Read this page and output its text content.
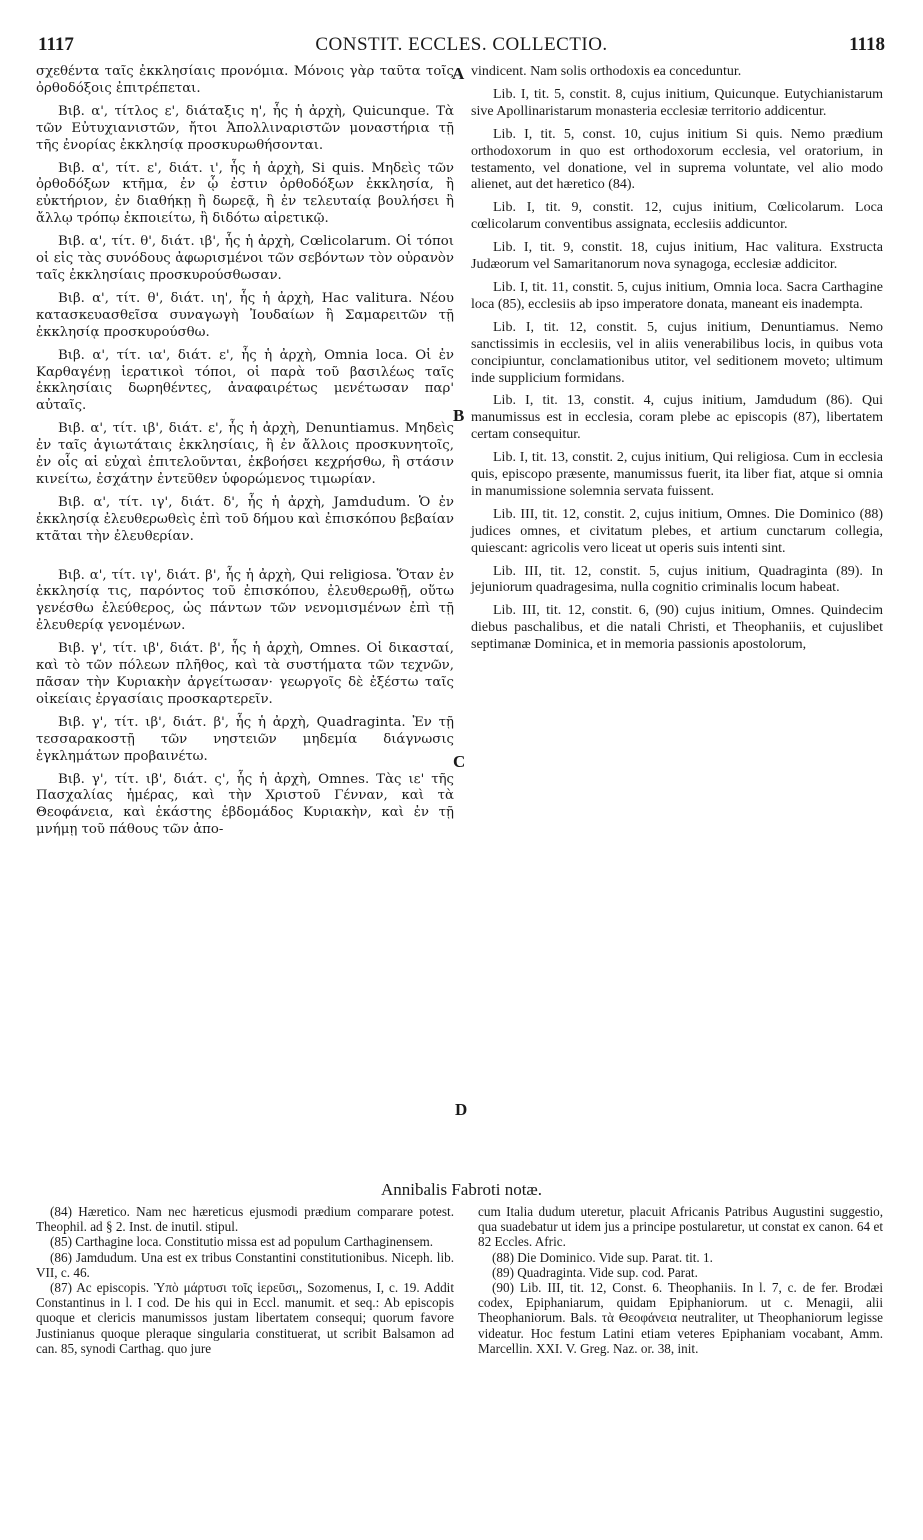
1117	CONSTIT. ECCLES. COLLECTIO.	1118
A
B
C
D

σχεθέντα ταῖς ἐκκλησίαις προνόμια. Μόνοις γὰρ ταῦτα τοῖς ὀρθοδόξοις ἐπιτρέπεται.

Βιβ. α', τίτλος ε', διάταξις η', ἧς ἡ ἀρχὴ, Quicunque. Τὰ τῶν Εὐτυχιανιστῶν, ἤτοι Ἀπολλιναριστῶν μοναστήρια τῇ τῆς ἐνορίας ἐκκλησίᾳ προσκυρωθήσονται.

Βιβ. α', τίτ. ε', διάτ. ι', ἧς ἡ ἀρχὴ, Si quis. Μηδεὶς τῶν ὀρθοδόξων κτῆμα, ἐν ᾧ ἐστιν ὀρθοδόξων ἐκκλησία, ἢ εὐκτήριον, ἐν διαθήκῃ ἢ δωρεᾷ, ἢ ἐν τελευταίᾳ βουλήσει ἢ ἄλλῳ τρόπῳ ἐκποιείτω, ἢ διδότω αἱρετικῷ.

Βιβ. α', τίτ. θ', διάτ. ιβ', ἧς ἡ ἀρχὴ, Cœlicolarum. Οἱ τόποι οἱ εἰς τὰς συνόδους ἀφωρισμένοι τῶν σεβόντων τὸν οὐρανὸν ταῖς ἐκκλησίαις προσκυρούσθωσαν.

Βιβ. α', τίτ. θ', διάτ. ιη', ἧς ἡ ἀρχὴ, Hac valitura. Νέου κατασκευασθεῖσα συναγωγὴ Ἰουδαίων ἢ Σαμαρειτῶν τῇ ἐκκλησίᾳ προσκυρούσθω.

Βιβ. α', τίτ. ια', διάτ. ε', ἧς ἡ ἀρχὴ, Omnia loca. Οἱ ἐν Καρθαγένῃ ἱερατικοὶ τόποι, οἱ παρὰ τοῦ βασιλέως ταῖς ἐκκλησίαις δωρηθέντες, ἀναφαιρέτως μενέτωσαν παρ' αὐταῖς.

Βιβ. α', τίτ. ιβ', διάτ. ε', ἧς ἡ ἀρχὴ, Denuntiamus. Μηδεὶς ἐν ταῖς ἁγιωτάταις ἐκκλησίαις, ἢ ἐν ἄλλοις προσκυνητοῖς, ἐν οἷς αἱ εὐχαὶ ἐπιτελοῦνται, ἐκβοήσει κεχρήσθω, ἢ στάσιν κινείτω, ἐσχάτην ἐντεῦθεν ὑφορώμενος τιμωρίαν.

Βιβ. α', τίτ. ιγ', διάτ. δ', ἧς ἡ ἀρχὴ, Jamdudum. Ὁ ἐν ἐκκλησίᾳ ἐλευθερωθεὶς ἐπὶ τοῦ δήμου καὶ ἐπισκόπου βεβαίαν κτᾶται τὴν ἐλευθερίαν.

Βιβ. α', τίτ. ιγ', διάτ. β', ἧς ἡ ἀρχὴ, Qui religiosa. Ὅταν ἐν ἐκκλησίᾳ τις, παρόντος τοῦ ἐπισκόπου, ἐλευθερωθῇ, οὕτω γενέσθω ἐλεύθερος, ὡς πάντων τῶν νενομισμένων ἐπὶ τῇ ἐλευθερίᾳ γενομένων.

Βιβ. γ', τίτ. ιβ', διάτ. β', ἧς ἡ ἀρχὴ, Omnes. Οἱ δικασταί, καὶ τὸ τῶν πόλεων πλῆθος, καὶ τὰ συστήματα τῶν τεχνῶν, πᾶσαν τὴν Κυριακὴν ἀργείτωσαν· γεωργοῖς δὲ ἐξέστω ταῖς οἰκείαις ἐργασίαις προσκαρτερεῖν.

Βιβ. γ', τίτ. ιβ', διάτ. β', ἧς ἡ ἀρχὴ, Quadraginta. Ἐν τῇ τεσσαρακοστῇ τῶν νηστειῶν μηδεμία διάγνωσις ἐγκλημάτων προβαινέτω.

Βιβ. γ', τίτ. ιβ', διάτ. ς', ἧς ἡ ἀρχὴ, Omnes. Τὰς ιε' τῆς Πασχαλίας ἡμέρας, καὶ τὴν Χριστοῦ Γένναν, καὶ τὰ Θεοφάνεια, καὶ ἑκάστης ἑβδομάδος Κυριακὴν, καὶ ἐν τῇ μνήμῃ τοῦ πάθους τῶν ἀπο-

vindicent. Nam solis orthodoxis ea conceduntur.

Lib. I, tit. 5, constit. 8, cujus initium, Quicunque. Eutychianistarum sive Apollinaristarum monasteria ecclesiæ territorio addicentur.

Lib. I, tit. 5, const. 10, cujus initium Si quis. Nemo prædium orthodoxorum in quo est orthodoxorum ecclesia, vel oratorium, in testamento, vel donatione, vel in suprema voluntate, vel alio modo alienet, aut det hæretico (84).

Lib. I, tit. 9, constit. 12, cujus initium, Cœlicolarum. Loca cœlicolarum conventibus assignata, ecclesiis addicuntor.

Lib. I, tit. 9, constit. 18, cujus initium, Hac valitura. Exstructa Judæorum vel Samaritanorum nova synagoga, ecclesiæ addicitor.

Lib. I, tit. 11, constit. 5, cujus initium, Omnia loca. Sacra Carthagine loca (85), ecclesiis ab ipso imperatore donata, maneant eis inadempta.

Lib. I, tit. 12, constit. 5, cujus initium, Denuntiamus. Nemo sanctissimis in ecclesiis, vel in aliis venerabilibus locis, in quibus vota concipiuntur, conclamationibus utitor, vel seditionem moveto; ultimum inde supplicium formidans.

Lib. I, tit. 13, constit. 4, cujus initium, Jamdudum (86). Qui manumissus est in ecclesia, coram plebe ac episcopis (87), libertatem certam consequitur.

Lib. I, tit. 13, constit. 2, cujus initium, Qui religiosa. Cum in ecclesia quis, episcopo præsente, manumissus fuerit, ita liber fiat, atque si omnia in manumissione solemnia servata fuissent.

Lib. III, tit. 12, constit. 2, cujus initium, Omnes. Die Dominico (88) judices omnes, et civitatum plebes, et artium cunctarum collegia, quiescant: agricolis vero liceat ut operis suis intenti sint.

Lib. III, tit. 12, constit. 5, cujus initium, Quadraginta (89). In jejuniorum quadragesima, nulla cognitio criminalis locum habeat.

Lib. III, tit. 12, constit. 6, (90) cujus initium, Omnes. Quindecim diebus paschalibus, et die natali Christi, et Theophaniis, et cujuslibet septimanæ Dominica, et in memoria passionis apostolorum,

Annibalis Fabroti notæ.

(84) Hæretico. Nam nec hæreticus ejusmodi prædium comparare potest. Theophil. ad § 2. Inst. de inutil. stipul.

(85) Carthagine loca. Constitutio missa est ad populum Carthaginensem.

(86) Jamdudum. Una est ex tribus Constantini constitutionibus. Niceph. lib. VII, c. 46.

(87) Ac episcopis. Ὑπὸ μάρτυσι τοῖς ἱερεῦσι,, Sozomenus, I, c. 19. Addit Constantinus in l. I cod. De his qui in Eccl. manumit. et seq.: Ab episcopis quoque et clericis manumissos justam libertatem consequi; quorum favore Justinianus quoque pleraque singularia constituerat, ut scribit Balsamon ad can. 85, synodi Carthag. quo jure

cum Italia dudum uteretur, placuit Africanis Patribus Augustini suggestio, qua suadebatur ut idem jus a principe postularetur, ut constat ex canon. 64 et 82 Eccles. Afric.

(88) Die Dominico. Vide sup. Parat. tit. 1.

(89) Quadraginta. Vide sup. cod. Parat.

(90) Lib. III, tit. 12, Const. 6. Theophaniis. In l. 7, c. de fer. Brodæi codex, Epiphaniarum, quidam Epiphaniorum. ut c. Menagii, alii Theophaniorum. Bals. τὰ Θεοφάνεια neutraliter, ut Theophaniorum legisse videatur. Hoc festum Latini etiam veteres Epiphaniam vocabant, Amm. Marcellin. XXI. V. Greg. Naz. or. 38, init.
